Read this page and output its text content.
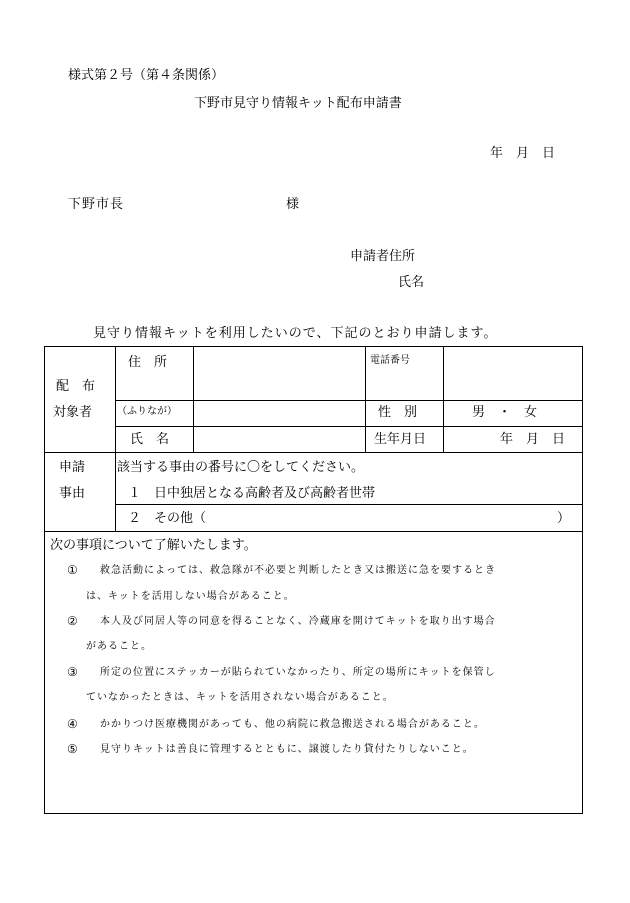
様式第２号（第４条関係）
下野市見守り情報キット配布申請書
年　月　日
下野市長	様
申請者住所
氏名
見守り情報キットを利用したいので、下記のとおり申請します。
配　布
対象者
住　所	電話番号
（ふりなが）	性　別	男　・　女
氏　名	生年月日	年　月　日
申請
事由
該当する事由の番号に〇をしてください。
１　日中独居となる高齢者及び高齢者世帯
２　その他（	）
次の事項について了解いたします。
① 救急活動によっては、救急隊が不必要と判断したとき又は搬送に急を要するとき
は、キットを活用しない場合があること。
② 本人及び同居人等の同意を得ることなく、冷蔵庫を開けてキットを取り出す場合
があること。
③ 所定の位置にステッカーが貼られていなかったり、所定の場所にキットを保管し
ていなかったときは、キットを活用されない場合があること。
④ かかりつけ医療機関があっても、他の病院に救急搬送される場合があること。
⑤ 見守りキットは善良に管理するとともに、譲渡したり貸付たりしないこと。
